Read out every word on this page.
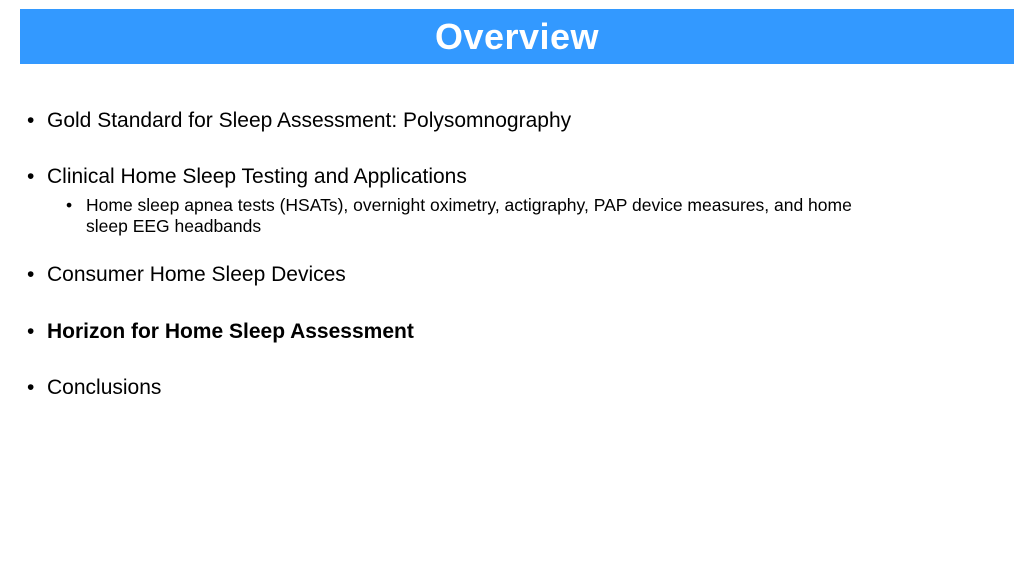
Overview
• Gold Standard for Sleep Assessment: Polysomnography
• Clinical Home Sleep Testing and Applications
• Home sleep apnea tests (HSATs), overnight oximetry, actigraphy, PAP device measures, and home sleep EEG headbands
• Consumer Home Sleep Devices
• Horizon for Home Sleep Assessment
• Conclusions
